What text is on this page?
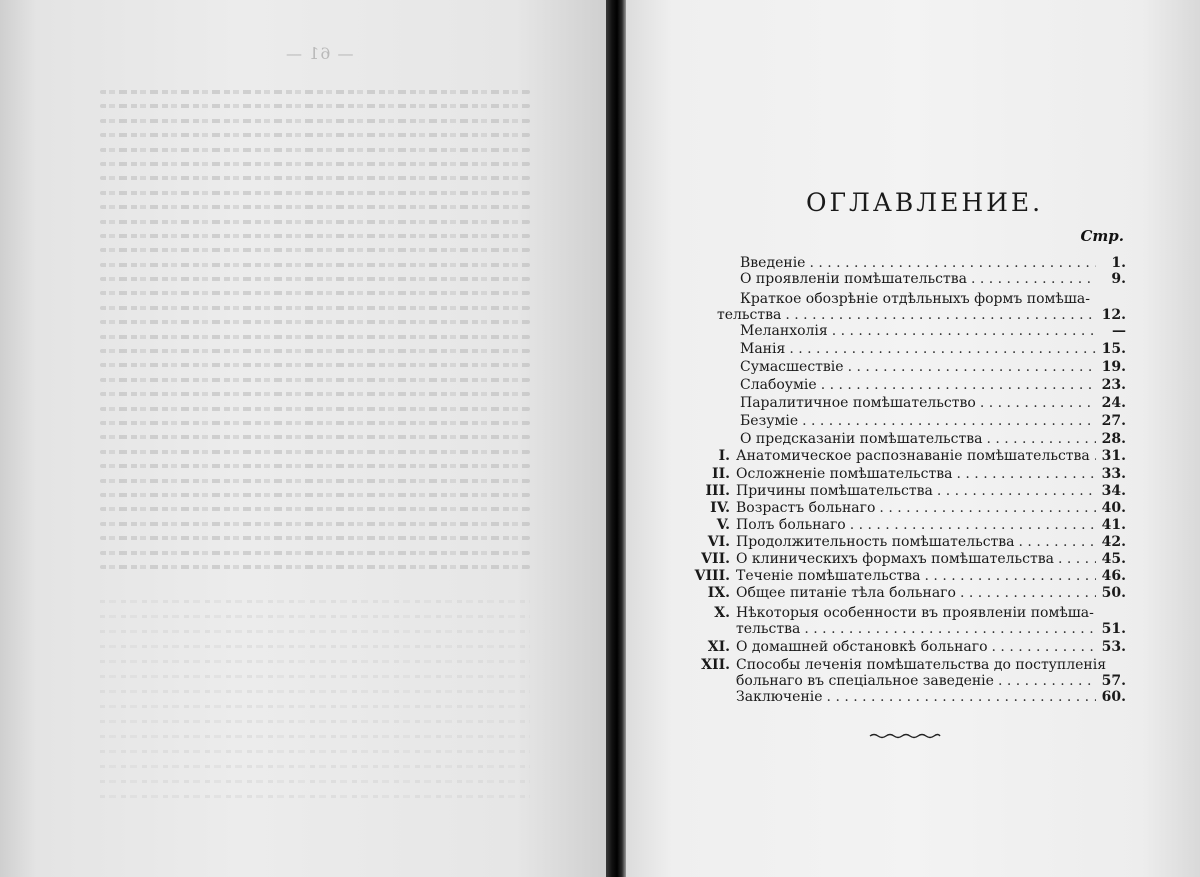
— 61 —
ОГЛАВЛЕНИЕ.
Стр.
Введеніе . . .	1.
О проявленіи помѣшательства . . .	9.
Краткое обозрѣніе отдѣльныхъ формъ помѣша-
тельства . . .	12.
Меланхолія . . .	—
Манія . . .	15.
Сумасшествіе . . .	19.
Слабоуміе . . .	23.
Паралитичное помѣшательство . . .	24.
Безуміе . . .	27.
О предсказаніи помѣшательства . . .	28.
I. Анатомическое распознаваніе помѣшательства . . . 31.
II. Осложненіе помѣшательства . . .	33.
III. Причины помѣшательства . . .	34.
IV. Возрастъ больнаго . . .	40.
V. Полъ больнаго . . .	41.
VI. Продолжительность помѣшательства . . .	42.
VII. О клиническихъ формахъ помѣшательства . . .	45.
VIII. Теченіе помѣшательства . . .	46.
IX. Общее питаніе тѣла больнаго . . .	50.
X. Нѣкоторыя особенности въ проявленіи помѣша-
тельства . . .	51.
XI. О домашней обстановкѣ больнаго . . .	53.
XII. Способы леченія помѣшательства до поступленія
больнаго въ спеціальное заведеніе . . .	57.
Заключеніе . . .	60.
